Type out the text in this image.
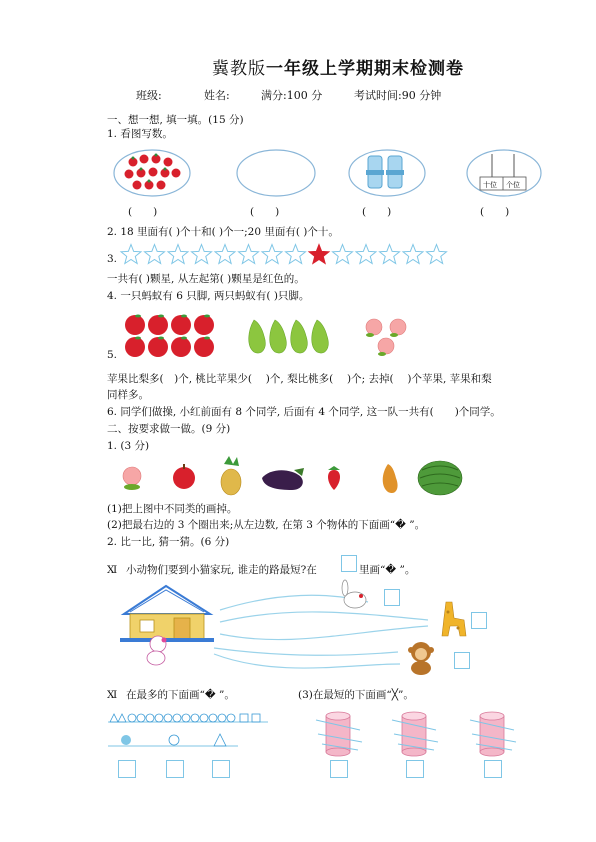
冀教版一年级上学期期末检测卷
班级:	姓名:	满分:100 分	考试时间:90 分钟
一、想一想, 填一填。(15 分)
1. 看图写数。
十位 个位
(　　)	(　　)	(　　)	(　　)
2. 18 里面有( )个十和( )个一;20 里面有( )个十。
3.
一共有( )颗星, 从左起第( )颗星是红色的。
4. 一只蚂蚁有 6 只脚, 两只蚂蚁有( )只脚。
5.
苹果比梨多(　)个, 桃比苹果少(　 )个, 梨比桃多(　 )个; 去掉(　 )个苹果, 苹果和梨
同样多。
6. 同学们做操, 小红前面有 8 个同学, 后面有 4 个同学, 这一队一共有(　　)个同学。
二、按要求做一做。(9 分)
1. (3 分)
(1)把上图中不同类的画掉。
(2)把最右边的 3 个圈出来;从左边数, 在第 3 个物体的下面画“� ”。
2. 比一比, 猜一猜。(6 分)
Ⅺ 小动物们要到小猫家玩, 谁走的路最短?在	里画“� ”。
Ⅺ 在最多的下面画“� ”。	(3)在最短的下面画“╳”。
